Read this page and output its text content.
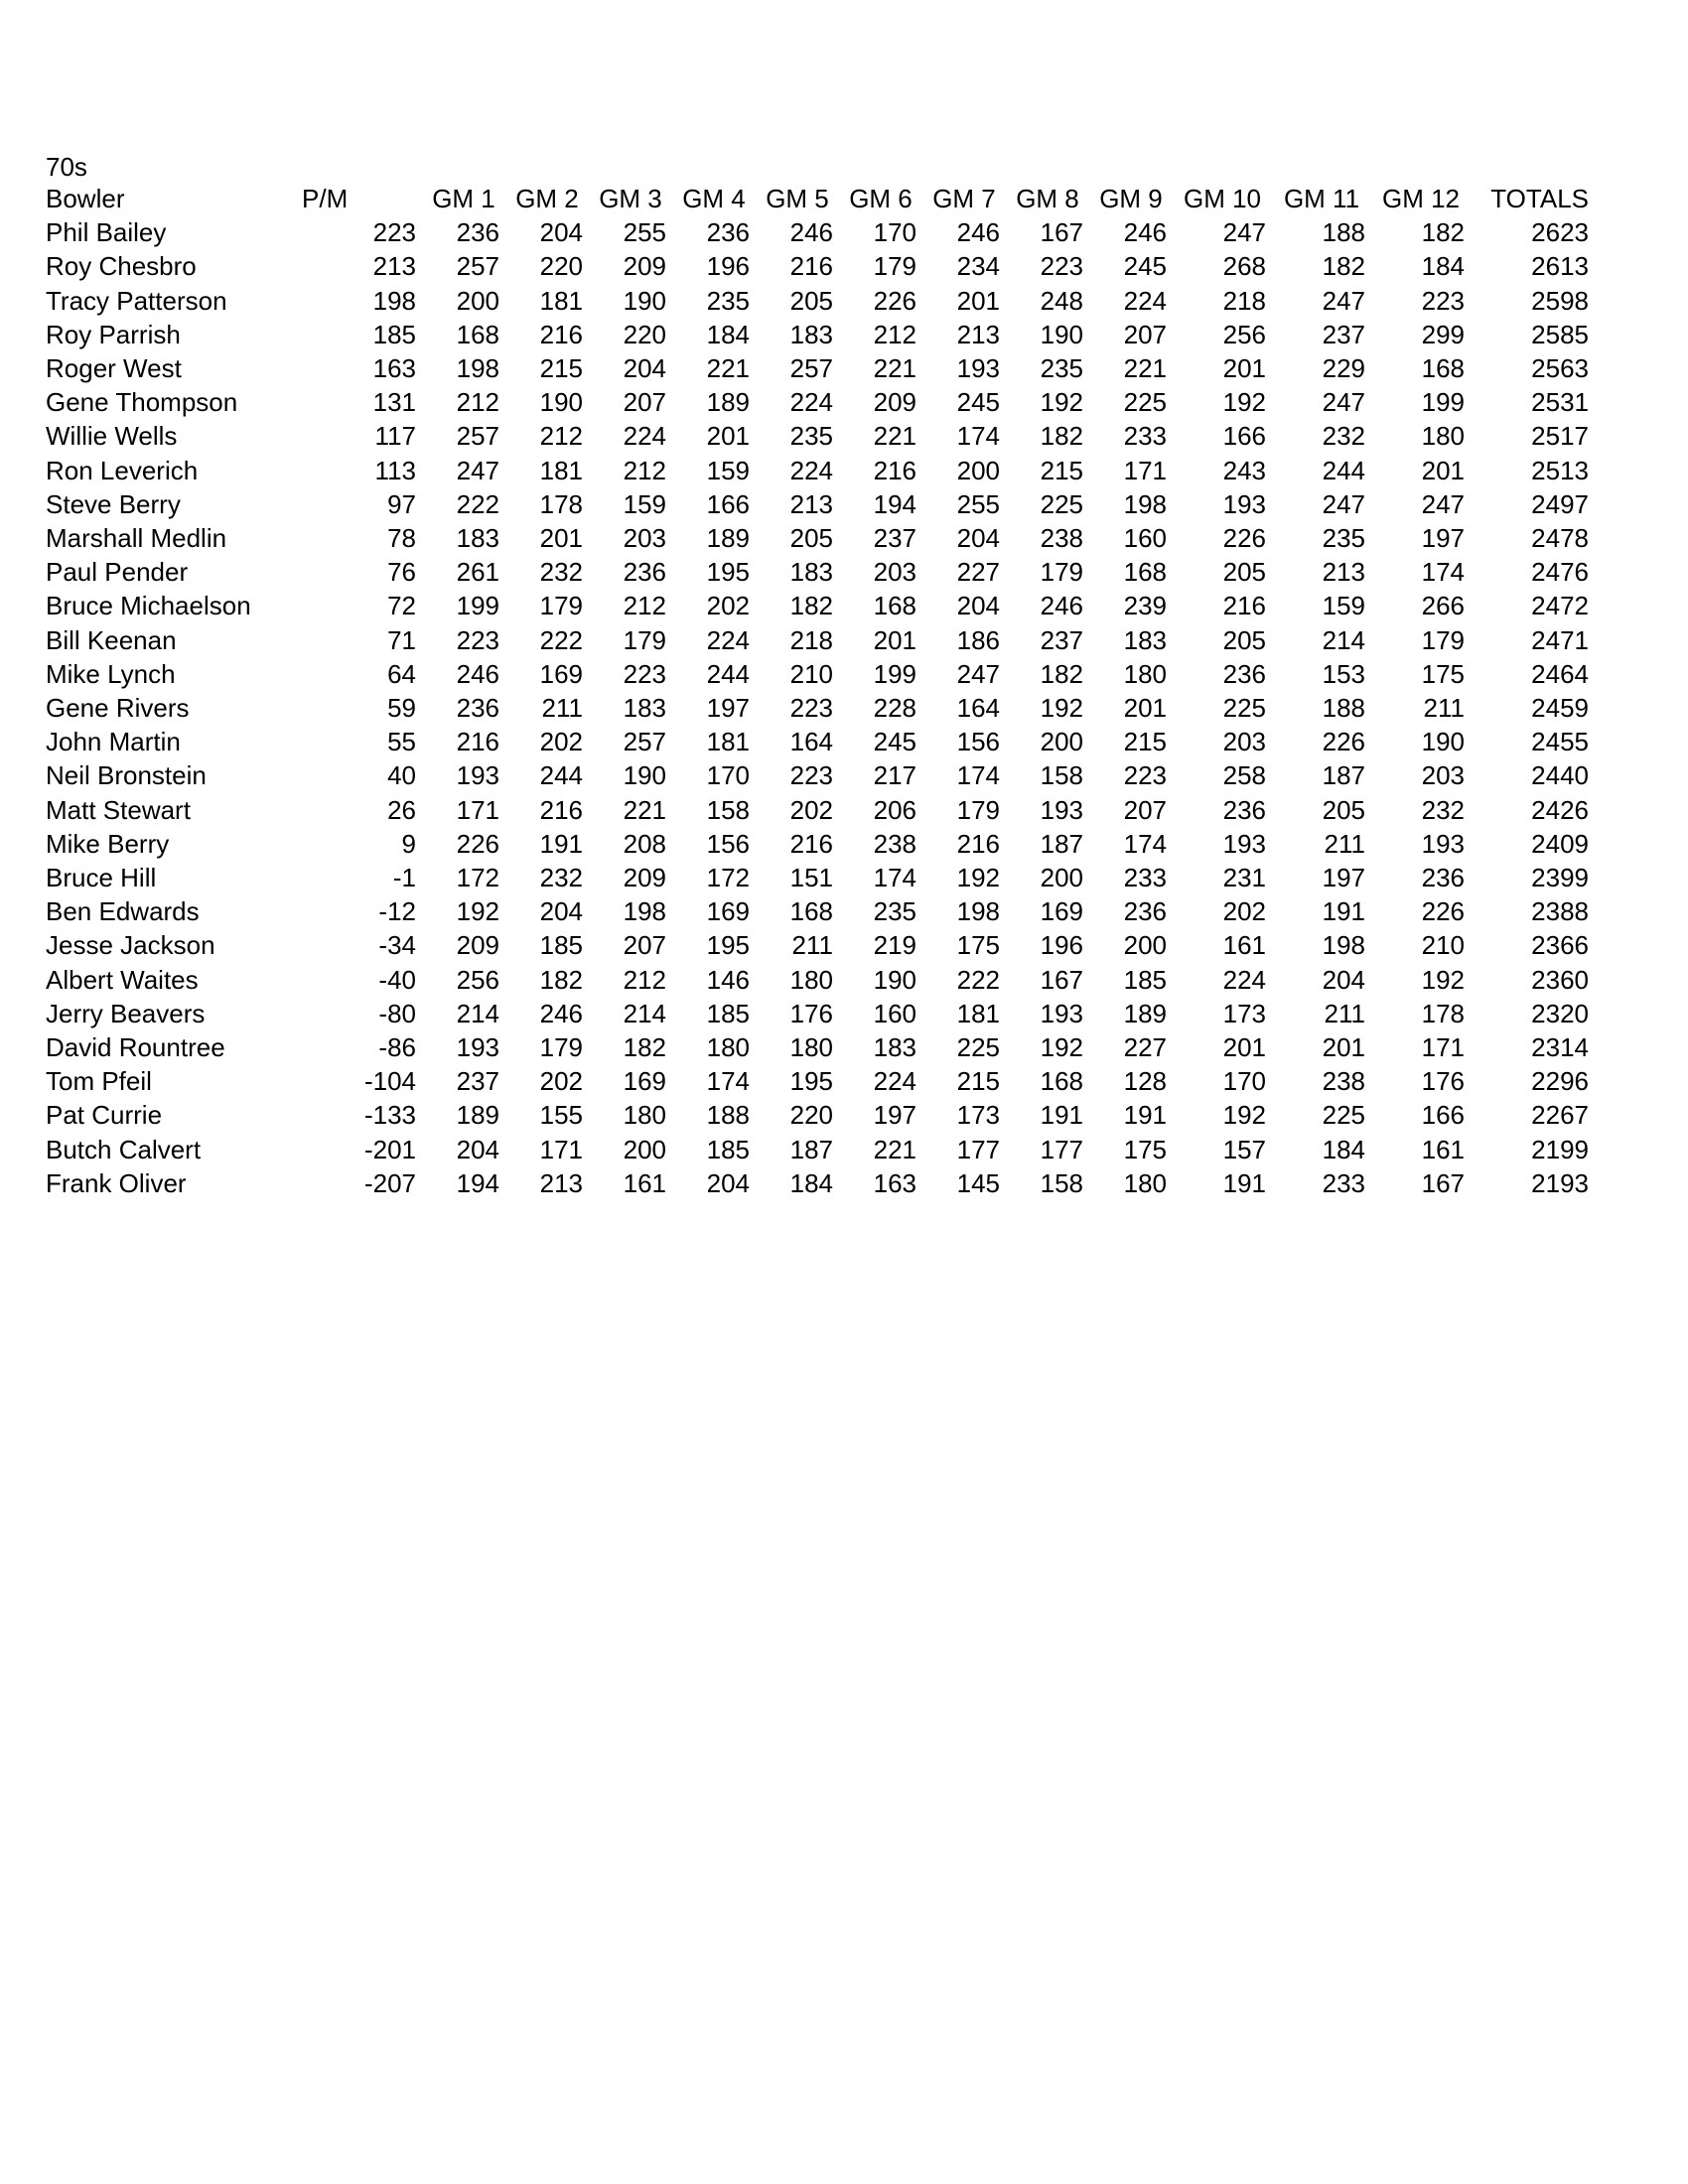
70s
Bowler	P/M	GM 1	GM 2	GM 3	GM 4	GM 5	GM 6	GM 7	GM 8	GM 9	GM 10	GM 11	GM 12	TOTALS
Phil Bailey	223	236	204	255	236	246	170	246	167	246	247	188	182	2623
Roy Chesbro	213	257	220	209	196	216	179	234	223	245	268	182	184	2613
Tracy Patterson	198	200	181	190	235	205	226	201	248	224	218	247	223	2598
Roy Parrish	185	168	216	220	184	183	212	213	190	207	256	237	299	2585
Roger West	163	198	215	204	221	257	221	193	235	221	201	229	168	2563
Gene Thompson	131	212	190	207	189	224	209	245	192	225	192	247	199	2531
Willie Wells	117	257	212	224	201	235	221	174	182	233	166	232	180	2517
Ron Leverich	113	247	181	212	159	224	216	200	215	171	243	244	201	2513
Steve Berry	97	222	178	159	166	213	194	255	225	198	193	247	247	2497
Marshall Medlin	78	183	201	203	189	205	237	204	238	160	226	235	197	2478
Paul Pender	76	261	232	236	195	183	203	227	179	168	205	213	174	2476
Bruce Michaelson	72	199	179	212	202	182	168	204	246	239	216	159	266	2472
Bill Keenan	71	223	222	179	224	218	201	186	237	183	205	214	179	2471
Mike Lynch	64	246	169	223	244	210	199	247	182	180	236	153	175	2464
Gene Rivers	59	236	211	183	197	223	228	164	192	201	225	188	211	2459
John Martin	55	216	202	257	181	164	245	156	200	215	203	226	190	2455
Neil Bronstein	40	193	244	190	170	223	217	174	158	223	258	187	203	2440
Matt Stewart	26	171	216	221	158	202	206	179	193	207	236	205	232	2426
Mike Berry	9	226	191	208	156	216	238	216	187	174	193	211	193	2409
Bruce Hill	-1	172	232	209	172	151	174	192	200	233	231	197	236	2399
Ben Edwards	-12	192	204	198	169	168	235	198	169	236	202	191	226	2388
Jesse Jackson	-34	209	185	207	195	211	219	175	196	200	161	198	210	2366
Albert Waites	-40	256	182	212	146	180	190	222	167	185	224	204	192	2360
Jerry Beavers	-80	214	246	214	185	176	160	181	193	189	173	211	178	2320
David Rountree	-86	193	179	182	180	180	183	225	192	227	201	201	171	2314
Tom Pfeil	-104	237	202	169	174	195	224	215	168	128	170	238	176	2296
Pat Currie	-133	189	155	180	188	220	197	173	191	191	192	225	166	2267
Butch Calvert	-201	204	171	200	185	187	221	177	177	175	157	184	161	2199
Frank Oliver	-207	194	213	161	204	184	163	145	158	180	191	233	167	2193
